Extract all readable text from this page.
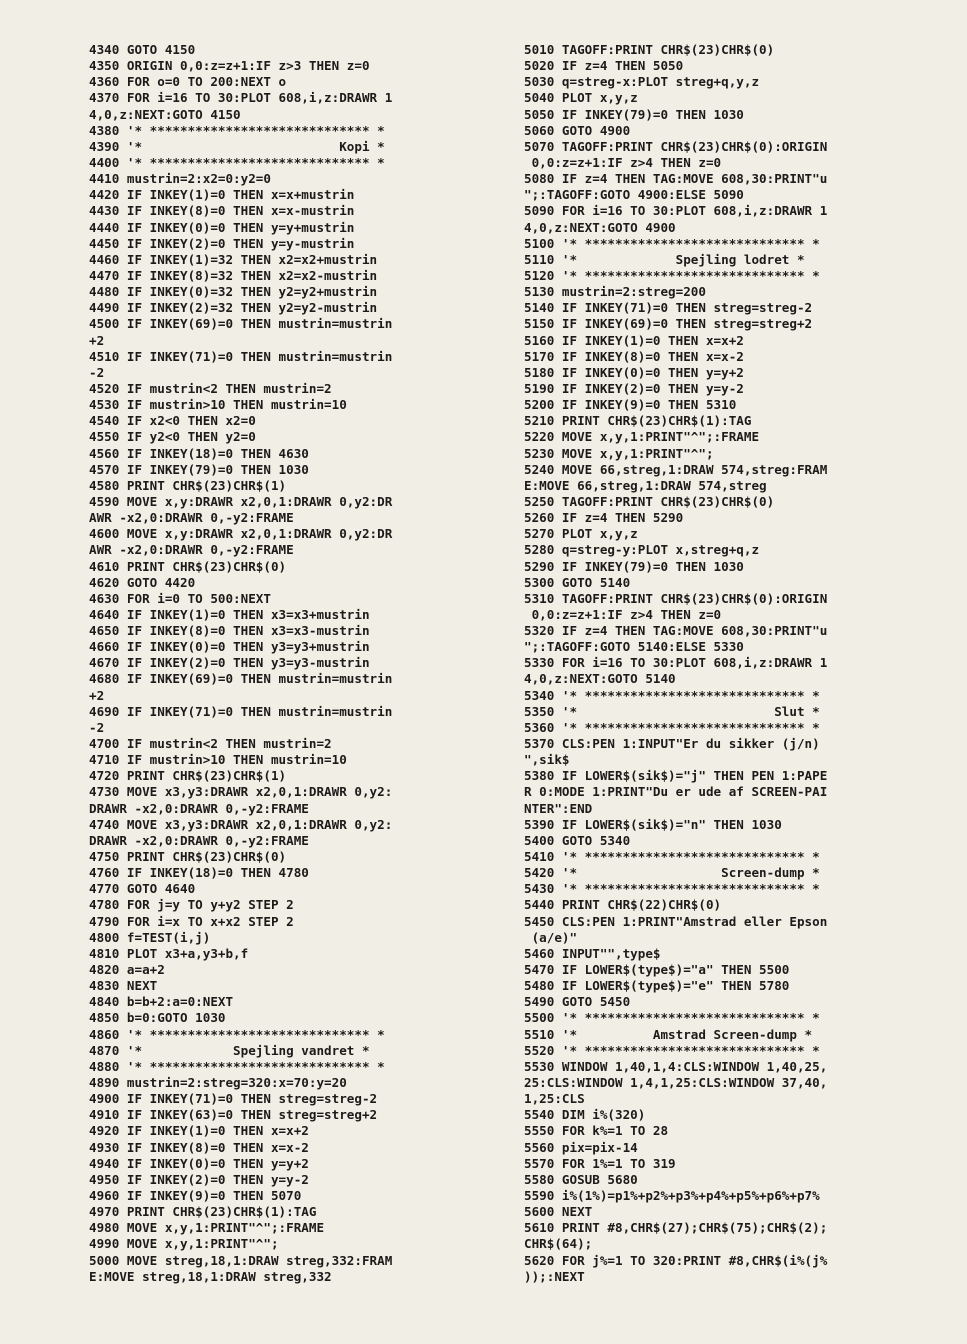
4340 GOTO 4150
4350 ORIGIN 0,0:z=z+1:IF z>3 THEN z=0
4360 FOR o=0 TO 200:NEXT o
4370 FOR i=16 TO 30:PLOT 608,i,z:DRAWR 1
4,0,z:NEXT:GOTO 4150
4380 '* ***************************** *
4390 '*                          Kopi *
4400 '* ***************************** *
4410 mustrin=2:x2=0:y2=0
4420 IF INKEY(1)=0 THEN x=x+mustrin
4430 IF INKEY(8)=0 THEN x=x-mustrin
4440 IF INKEY(0)=0 THEN y=y+mustrin
4450 IF INKEY(2)=0 THEN y=y-mustrin
4460 IF INKEY(1)=32 THEN x2=x2+mustrin
4470 IF INKEY(8)=32 THEN x2=x2-mustrin
4480 IF INKEY(0)=32 THEN y2=y2+mustrin
4490 IF INKEY(2)=32 THEN y2=y2-mustrin
4500 IF INKEY(69)=0 THEN mustrin=mustrin
+2
4510 IF INKEY(71)=0 THEN mustrin=mustrin
-2
4520 IF mustrin<2 THEN mustrin=2
4530 IF mustrin>10 THEN mustrin=10
4540 IF x2<0 THEN x2=0
4550 IF y2<0 THEN y2=0
4560 IF INKEY(18)=0 THEN 4630
4570 IF INKEY(79)=0 THEN 1030
4580 PRINT CHR$(23)CHR$(1)
4590 MOVE x,y:DRAWR x2,0,1:DRAWR 0,y2:DR
AWR -x2,0:DRAWR 0,-y2:FRAME
4600 MOVE x,y:DRAWR x2,0,1:DRAWR 0,y2:DR
AWR -x2,0:DRAWR 0,-y2:FRAME
4610 PRINT CHR$(23)CHR$(0)
4620 GOTO 4420
4630 FOR i=0 TO 500:NEXT
4640 IF INKEY(1)=0 THEN x3=x3+mustrin
4650 IF INKEY(8)=0 THEN x3=x3-mustrin
4660 IF INKEY(0)=0 THEN y3=y3+mustrin
4670 IF INKEY(2)=0 THEN y3=y3-mustrin
4680 IF INKEY(69)=0 THEN mustrin=mustrin
+2
4690 IF INKEY(71)=0 THEN mustrin=mustrin
-2
4700 IF mustrin<2 THEN mustrin=2
4710 IF mustrin>10 THEN mustrin=10
4720 PRINT CHR$(23)CHR$(1)
4730 MOVE x3,y3:DRAWR x2,0,1:DRAWR 0,y2:
DRAWR -x2,0:DRAWR 0,-y2:FRAME
4740 MOVE x3,y3:DRAWR x2,0,1:DRAWR 0,y2:
DRAWR -x2,0:DRAWR 0,-y2:FRAME
4750 PRINT CHR$(23)CHR$(0)
4760 IF INKEY(18)=0 THEN 4780
4770 GOTO 4640
4780 FOR j=y TO y+y2 STEP 2
4790 FOR i=x TO x+x2 STEP 2
4800 f=TEST(i,j)
4810 PLOT x3+a,y3+b,f
4820 a=a+2
4830 NEXT
4840 b=b+2:a=0:NEXT
4850 b=0:GOTO 1030
4860 '* ***************************** *
4870 '*            Spejling vandret *
4880 '* ***************************** *
4890 mustrin=2:streg=320:x=70:y=20
4900 IF INKEY(71)=0 THEN streg=streg-2
4910 IF INKEY(63)=0 THEN streg=streg+2
4920 IF INKEY(1)=0 THEN x=x+2
4930 IF INKEY(8)=0 THEN x=x-2
4940 IF INKEY(0)=0 THEN y=y+2
4950 IF INKEY(2)=0 THEN y=y-2
4960 IF INKEY(9)=0 THEN 5070
4970 PRINT CHR$(23)CHR$(1):TAG
4980 MOVE x,y,1:PRINT"^";:FRAME
4990 MOVE x,y,1:PRINT"^";
5000 MOVE streg,18,1:DRAW streg,332:FRAM
E:MOVE streg,18,1:DRAW streg,332
5010 TAGOFF:PRINT CHR$(23)CHR$(0)
5020 IF z=4 THEN 5050
5030 q=streg-x:PLOT streg+q,y,z
5040 PLOT x,y,z
5050 IF INKEY(79)=0 THEN 1030
5060 GOTO 4900
5070 TAGOFF:PRINT CHR$(23)CHR$(0):ORIGIN
0,0:z=z+1:IF z>4 THEN z=0
5080 IF z=4 THEN TAG:MOVE 608,30:PRINT"u
";:TAGOFF:GOTO 4900:ELSE 5090
5090 FOR i=16 TO 30:PLOT 608,i,z:DRAWR 1
4,0,z:NEXT:GOTO 4900
5100 '* ***************************** *
5110 '*             Spejling lodret *
5120 '* ***************************** *
5130 mustrin=2:streg=200
5140 IF INKEY(71)=0 THEN streg=streg-2
5150 IF INKEY(69)=0 THEN streg=streg+2
5160 IF INKEY(1)=0 THEN x=x+2
5170 IF INKEY(8)=0 THEN x=x-2
5180 IF INKEY(0)=0 THEN y=y+2
5190 IF INKEY(2)=0 THEN y=y-2
5200 IF INKEY(9)=0 THEN 5310
5210 PRINT CHR$(23)CHR$(1):TAG
5220 MOVE x,y,1:PRINT"^";:FRAME
5230 MOVE x,y,1:PRINT"^";
5240 MOVE 66,streg,1:DRAW 574,streg:FRAM
E:MOVE 66,streg,1:DRAW 574,streg
5250 TAGOFF:PRINT CHR$(23)CHR$(0)
5260 IF z=4 THEN 5290
5270 PLOT x,y,z
5280 q=streg-y:PLOT x,streg+q,z
5290 IF INKEY(79)=0 THEN 1030
5300 GOTO 5140
5310 TAGOFF:PRINT CHR$(23)CHR$(0):ORIGIN
0,0:z=z+1:IF z>4 THEN z=0
5320 IF z=4 THEN TAG:MOVE 608,30:PRINT"u
";:TAGOFF:GOTO 5140:ELSE 5330
5330 FOR i=16 TO 30:PLOT 608,i,z:DRAWR 1
4,0,z:NEXT:GOTO 5140
5340 '* ***************************** *
5350 '*                          Slut *
5360 '* ***************************** *
5370 CLS:PEN 1:INPUT"Er du sikker (j/n)
",sik$
5380 IF LOWER$(sik$)="j" THEN PEN 1:PAPE
R 0:MODE 1:PRINT"Du er ude af SCREEN-PAI
NTER":END
5390 IF LOWER$(sik$)="n" THEN 1030
5400 GOTO 5340
5410 '* ***************************** *
5420 '*                   Screen-dump *
5430 '* ***************************** *
5440 PRINT CHR$(22)CHR$(0)
5450 CLS:PEN 1:PRINT"Amstrad eller Epson
(a/e)"
5460 INPUT"",type$
5470 IF LOWER$(type$)="a" THEN 5500
5480 IF LOWER$(type$)="e" THEN 5780
5490 GOTO 5450
5500 '* ***************************** *
5510 '*          Amstrad Screen-dump *
5520 '* ***************************** *
5530 WINDOW 1,40,1,4:CLS:WINDOW 1,40,25,
25:CLS:WINDOW 1,4,1,25:CLS:WINDOW 37,40,
1,25:CLS
5540 DIM i%(320)
5550 FOR k%=1 TO 28
5560 pix=pix-14
5570 FOR 1%=1 TO 319
5580 GOSUB 5680
5590 i%(1%)=p1%+p2%+p3%+p4%+p5%+p6%+p7%
5600 NEXT
5610 PRINT #8,CHR$(27);CHR$(75);CHR$(2);
CHR$(64);
5620 FOR j%=1 TO 320:PRINT #8,CHR$(i%(j%
));:NEXT
